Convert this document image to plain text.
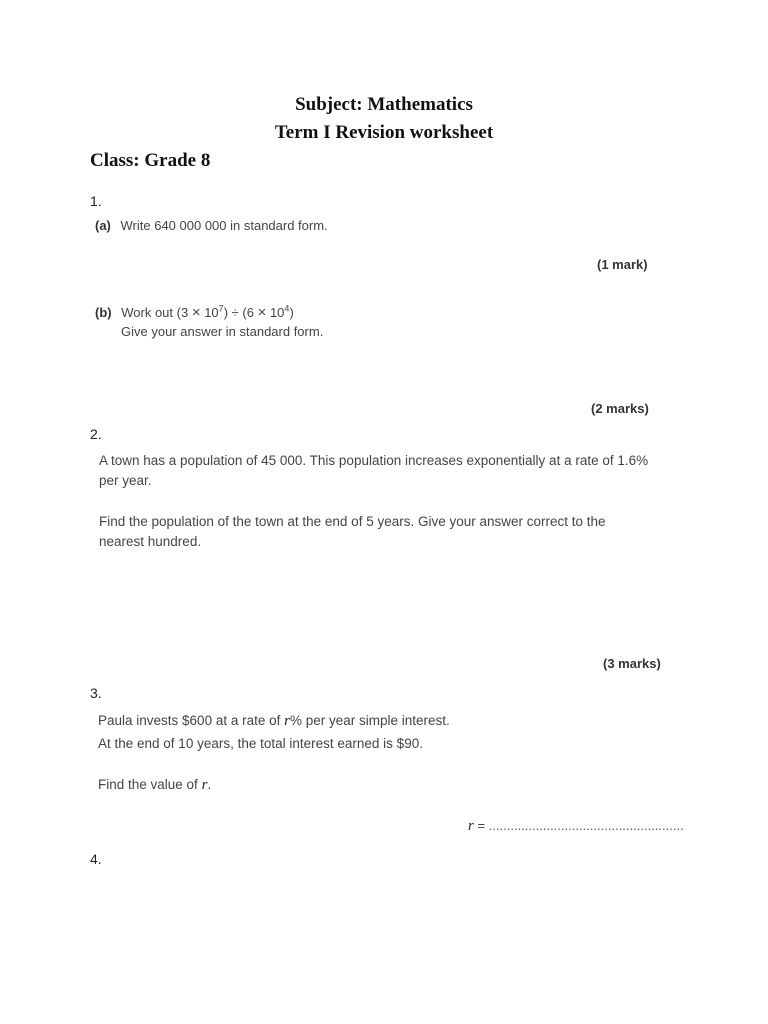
Subject: Mathematics
Term I Revision worksheet
Class: Grade 8
1.
(a) Write 640 000 000 in standard form.
(1 mark)
(b) Work out $(3 \times 10^7) \div (6 \times 10^4)$
Give your answer in standard form.
(2 marks)
2.
A town has a population of 45 000. This population increases exponentially at a rate of 1.6%
per year.
Find the population of the town at the end of 5 years. Give your answer correct to the
nearest hundred.
(3 marks)
3.
Paula invests $600 at a rate of r% per year simple interest.
At the end of 10 years, the total interest earned is $90.
Find the value of r.
r = ......................................................
4.
